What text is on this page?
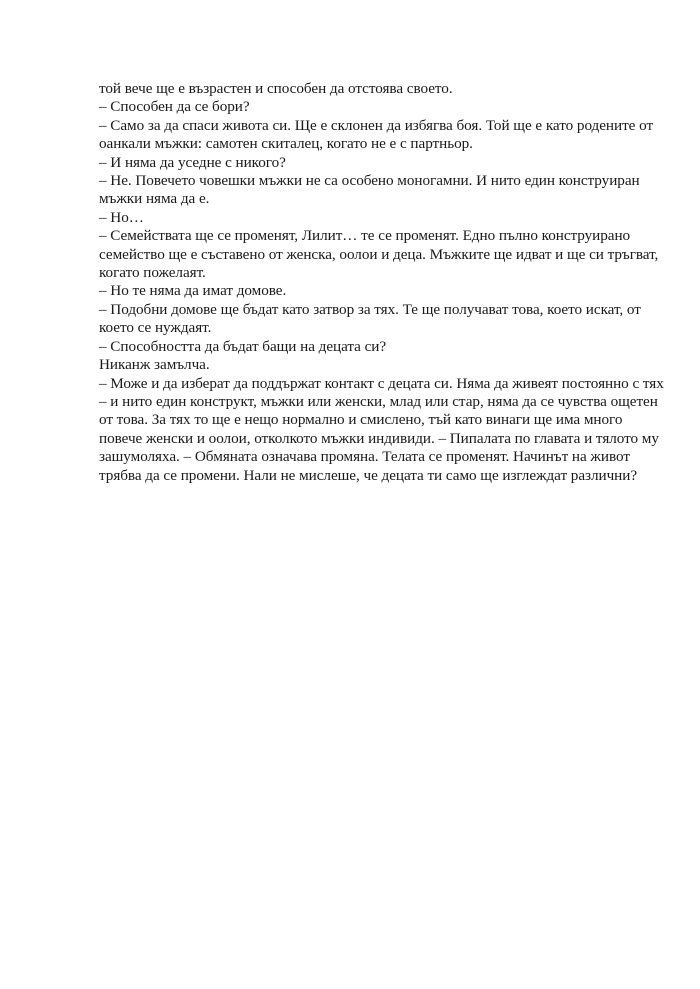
той вече ще е възрастен и способен да отстоява своето.
– Способен да се бори?
– Само за да спаси живота си. Ще е склонен да избягва боя. Той ще е като родените от
оанкали мъжки: самотен скиталец, когато не е с партньор.
– И няма да уседне с никого?
– Не. Повечето човешки мъжки не са особено моногамни. И нито един конструиран
мъжки няма да е.
– Но…
– Семействата ще се променят, Лилит… те се променят. Едно пълно конструирано
семейство ще е съставено от женска, оолои и деца. Мъжките ще идват и ще си тръгват,
когато пожелаят.
– Но те няма да имат домове.
– Подобни домове ще бъдат като затвор за тях. Те ще получават това, което искат, от
което се нуждаят.
– Способността да бъдат бащи на децата си?
Никанж замълча.
– Може и да изберат да поддържат контакт с децата си. Няма да живеят постоянно с тях
– и нито един конструкт, мъжки или женски, млад или стар, няма да се чувства ощетен
от това. За тях то ще е нещо нормално и смислено, тъй като винаги ще има много
повече женски и оолои, отколкото мъжки индивиди. – Пипалата по главата и тялото му
зашумоляха. – Обмяната означава промяна. Телата се променят. Начинът на живот
трябва да се промени. Нали не мислеше, че децата ти само ще изглеждат различни?
